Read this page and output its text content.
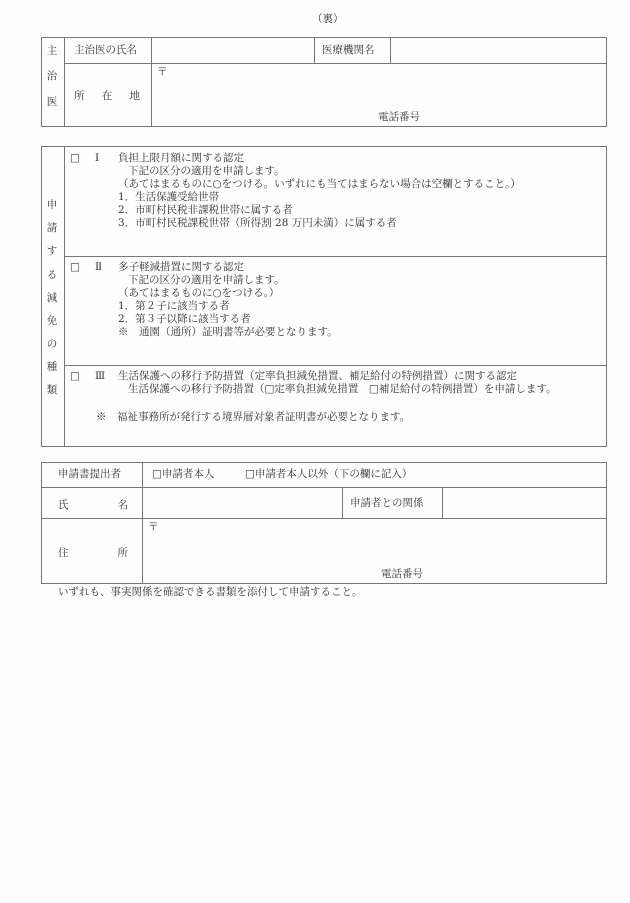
（裏）
主
治
医
主治医の氏名	医療機関名
所 在 地
〒
電話番号
申
請
す
る
減
免
の
種
類
□ Ⅰ 負担上限月額に関する認定
下記の区分の適用を申請します。
（あてはまるものに○をつける。いずれにも当てはまらない場合は空欄とすること。）
1．生活保護受給世帯
2．市町村民税非課税世帯に属する者
3．市町村民税課税世帯（所得割 28 万円未満）に属する者
□ Ⅱ 多子軽減措置に関する認定
下記の区分の適用を申請します。
（あてはまるものに○をつける。）
1．第２子に該当する者
2．第３子以降に該当する者
※　通園（通所）証明書等が必要となります。
□ Ⅲ 生活保護への移行予防措置（定率負担減免措置、補足給付の特例措置）に関する認定
生活保護への移行予防措置（□定率負担減免措置　□補足給付の特例措置）を申請します。
※　福祉事務所が発行する境界層対象者証明書が必要となります。
申請書提出者	□申請者本人	□申請者本人以外（下の欄に記入）
氏	名	申請者との関係
住	所
〒
電話番号
いずれも、事実関係を確認できる書類を添付して申請すること。
